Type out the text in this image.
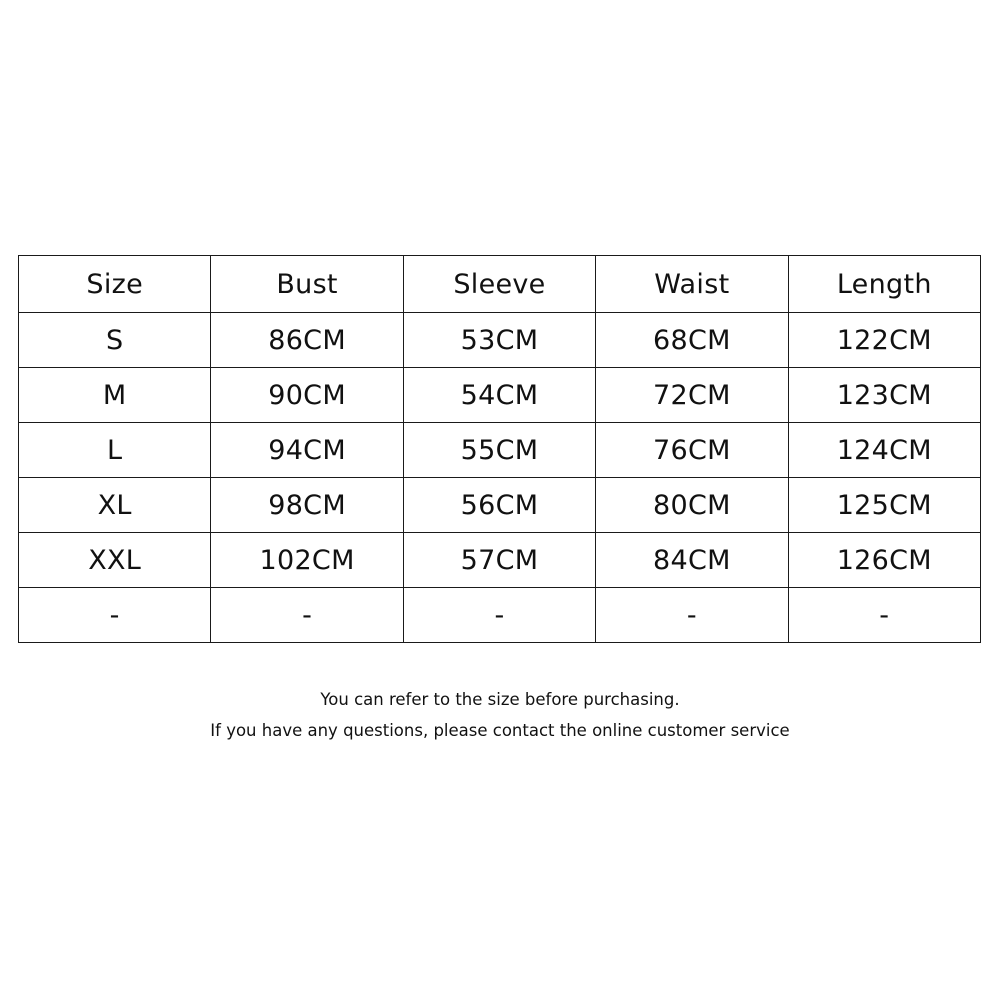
Size	Bust	Sleeve	Waist	Length
S	86CM	53CM	68CM	122CM
M	90CM	54CM	72CM	123CM
L	94CM	55CM	76CM	124CM
XL	98CM	56CM	80CM	125CM
XXL	102CM	57CM	84CM	126CM
-	-	-	-	-

You can refer to the size before purchasing.

If you have any questions, please contact the online customer service
